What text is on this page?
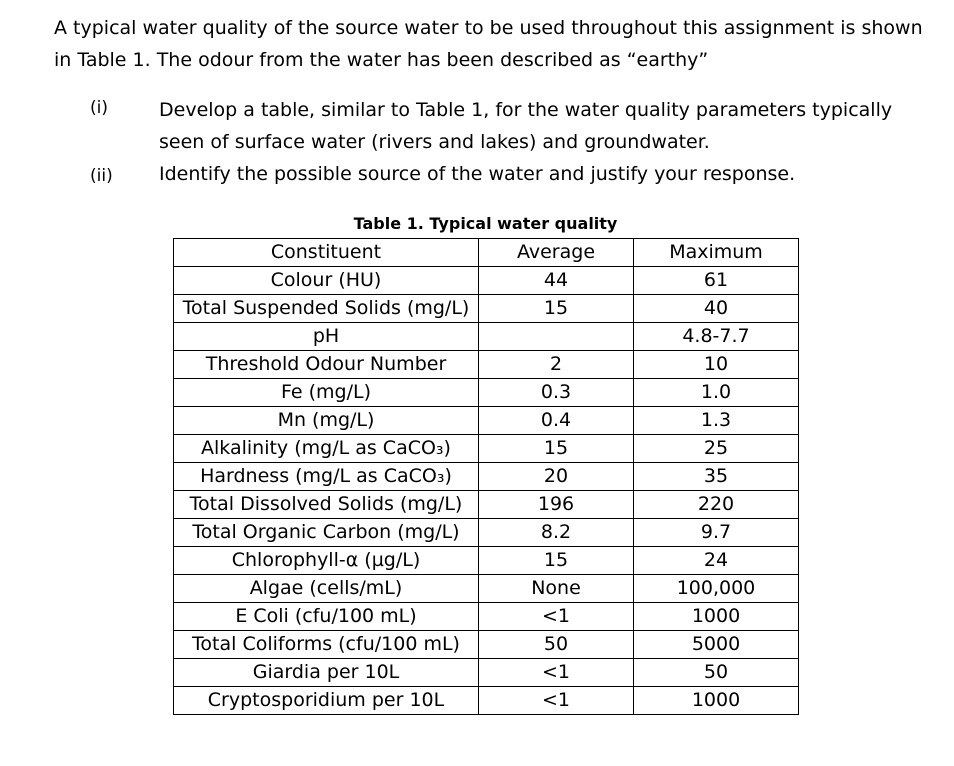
A typical water quality of the source water to be used throughout this assignment is shown
in Table 1. The odour from the water has been described as “earthy”
(i)	Develop a table, similar to Table 1, for the water quality parameters typically
seen of surface water (rivers and lakes) and groundwater.
(ii) Identify the possible source of the water and justify your response.
Table 1. Typical water quality
Constituent	Average	Maximum
Colour (HU)	44	61
Total Suspended Solids (mg/L)	15	40
pH		4.8-7.7
Threshold Odour Number	2	10
Fe (mg/L)	0.3	1.0
Mn (mg/L)	0.4	1.3
Alkalinity (mg/L as CaCO₃)	15	25
Hardness (mg/L as CaCO₃)	20	35
Total Dissolved Solids (mg/L)	196	220
Total Organic Carbon (mg/L)	8.2	9.7
Chlorophyll-α (µg/L)	15	24
Algae (cells/mL)	None	100,000
E Coli (cfu/100 mL)	<1	1000
Total Coliforms (cfu/100 mL)	50	5000
Giardia per 10L	<1	50
Cryptosporidium per 10L	<1	1000
